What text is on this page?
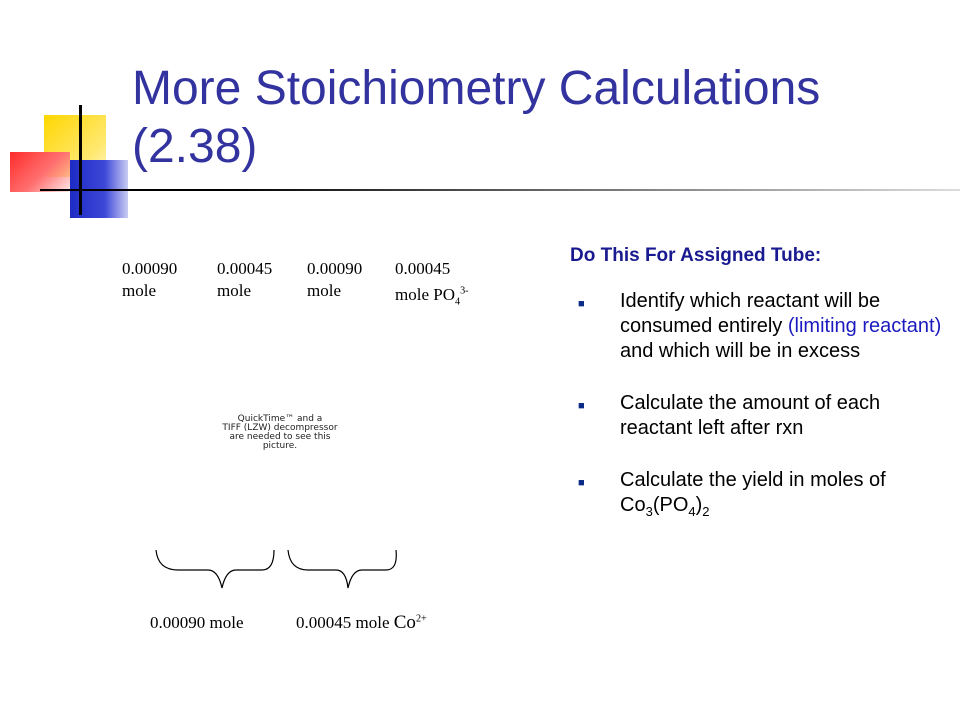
More Stoichiometry Calculations (2.38)
0.00090
mole
0.00045
mole
0.00090
mole
0.00045
mole $PO_4^{3-}$
QuickTime™ and a
TIFF (LZW) decompressor
are needed to see this picture.
0.00090 mole	0.00045 mole $Co^{2+}$
Do This For Assigned Tube:
■ Identify which reactant will be consumed entirely (limiting reactant) and which will be in excess
■ Calculate the amount of each reactant left after rxn
■ Calculate the yield in moles of $Co_3(PO_4)_2$
